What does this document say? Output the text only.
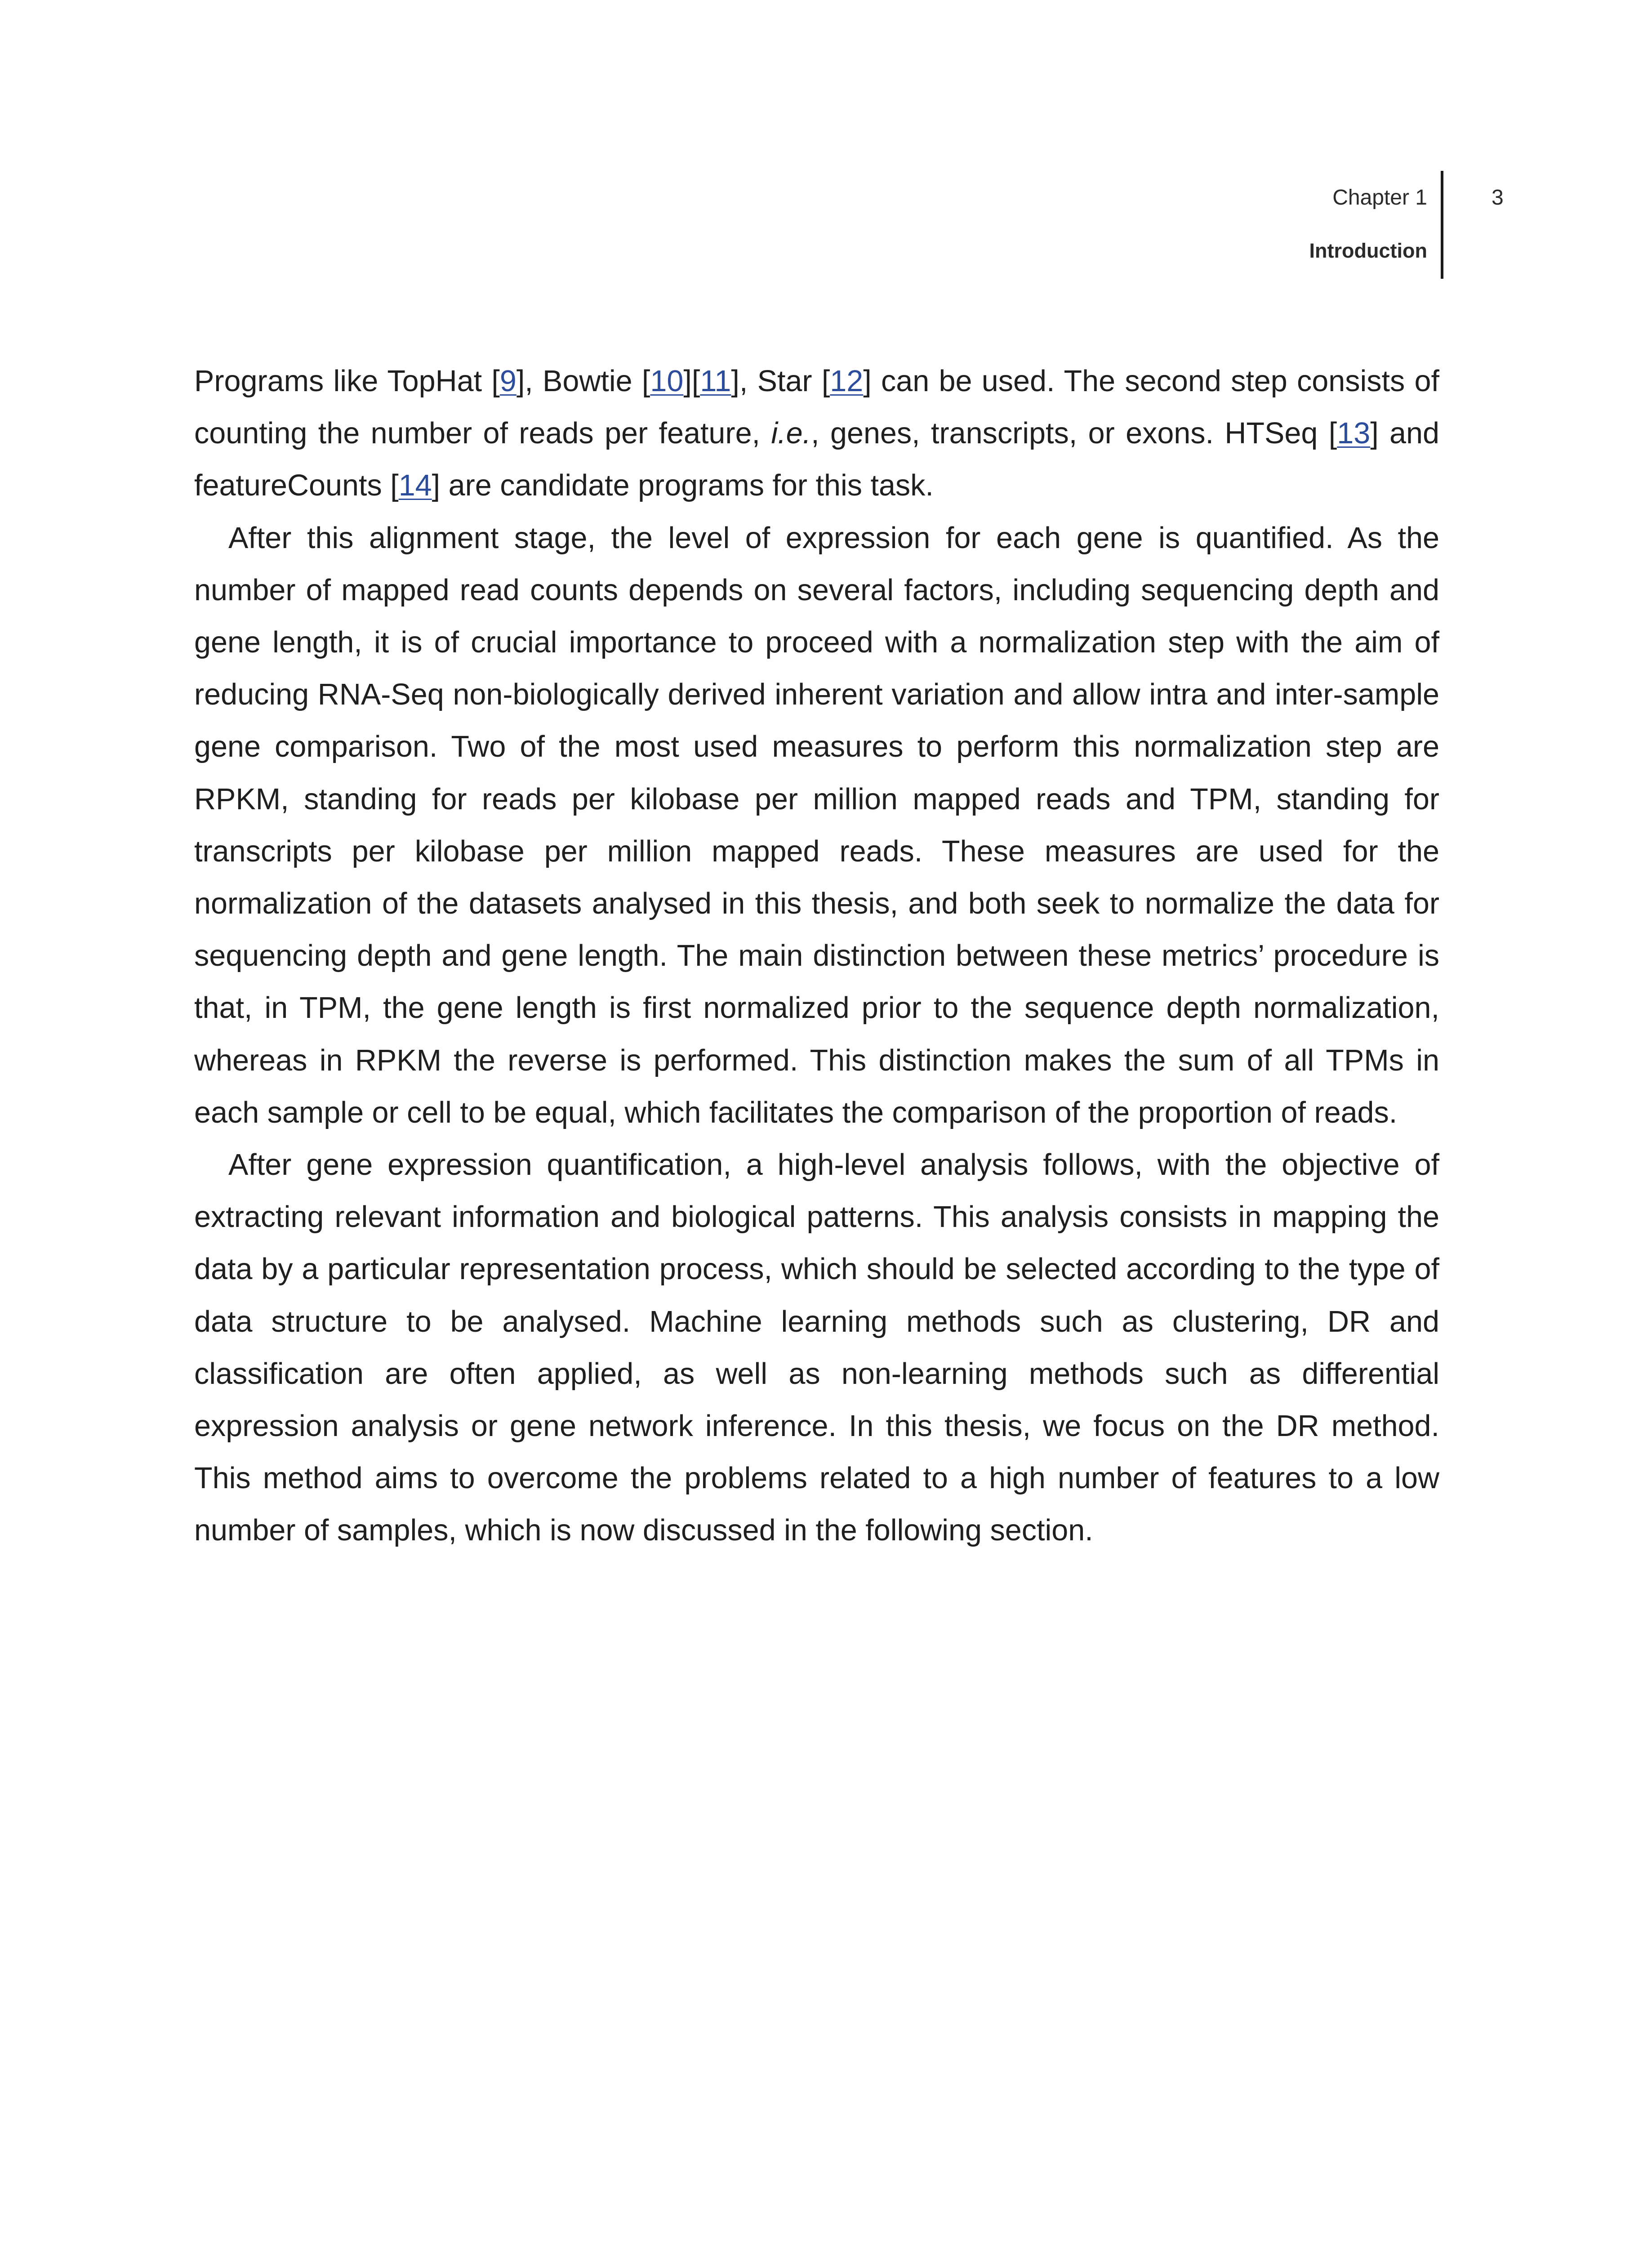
Chapter 1
Introduction
3

Programs like TopHat [9], Bowtie [10][11], Star [12] can be used. The second step consists of counting the number of reads per feature, i.e., genes, transcripts, or exons. HTSeq [13] and featureCounts [14] are candidate programs for this task.

After this alignment stage, the level of expression for each gene is quantified. As the number of mapped read counts depends on several factors, including sequencing depth and gene length, it is of crucial importance to proceed with a normalization step with the aim of reducing RNA-Seq non-biologically derived inherent variation and allow intra and inter-sample gene comparison. Two of the most used measures to perform this normalization step are RPKM, standing for reads per kilobase per million mapped reads and TPM, standing for transcripts per kilobase per million mapped reads. These measures are used for the normalization of the datasets analysed in this thesis, and both seek to normalize the data for sequencing depth and gene length. The main distinction between these metrics’ procedure is that, in TPM, the gene length is first normalized prior to the sequence depth normalization, whereas in RPKM the reverse is performed. This distinction makes the sum of all TPMs in each sample or cell to be equal, which facilitates the comparison of the proportion of reads.

After gene expression quantification, a high-level analysis follows, with the objective of extracting relevant information and biological patterns. This analysis consists in mapping the data by a particular representation process, which should be selected according to the type of data structure to be analysed. Machine learning methods such as clustering, DR and classification are often applied, as well as non-learning methods such as differential expression analysis or gene network inference. In this thesis, we focus on the DR method. This method aims to overcome the problems related to a high number of features to a low number of samples, which is now discussed in the following section.
